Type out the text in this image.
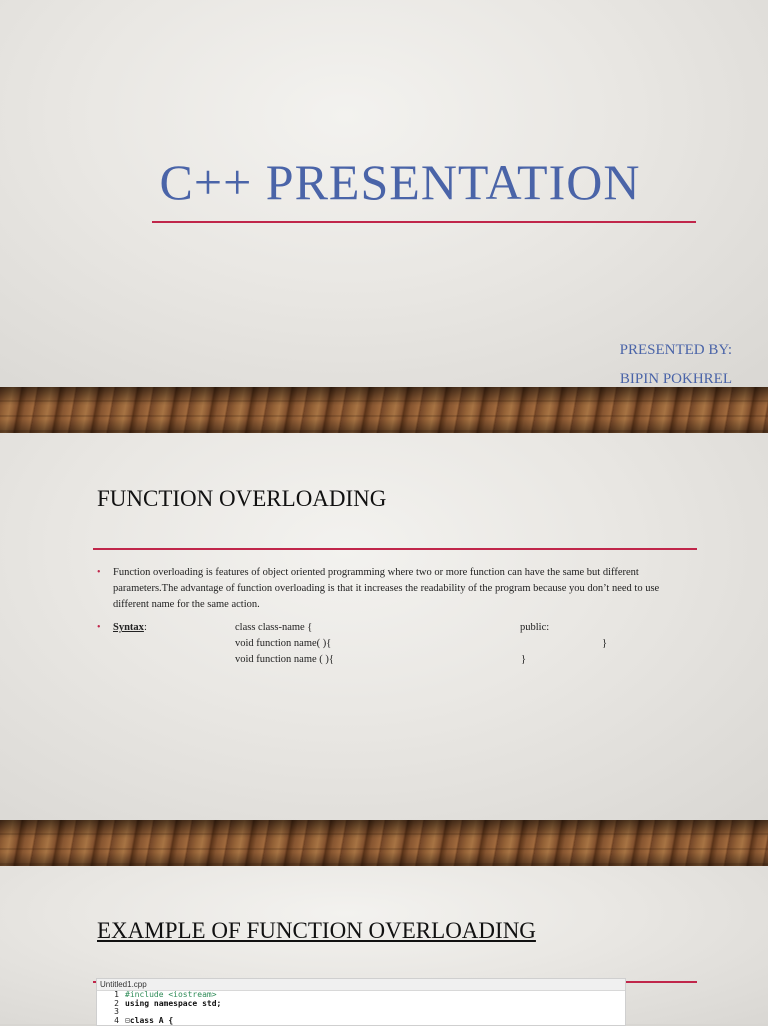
C++ PRESENTATION
PRESENTED BY:
BIPIN POKHREL
FUNCTION OVERLOADING
• Function overloading is features of object oriented programming where two or more function can have the same but different parameters.The advantage of function overloading is that it increases the readability of the program because you don’t need to use different name for the same action.
• Syntax:	class class-name {
void function name( ){
void function name ( ){
public:
}
}
EXAMPLE OF FUNCTION OVERLOADING
Untitled1.cpp
1 #include <iostream>
2 using namespace std;
3
4 ⊟class A {
